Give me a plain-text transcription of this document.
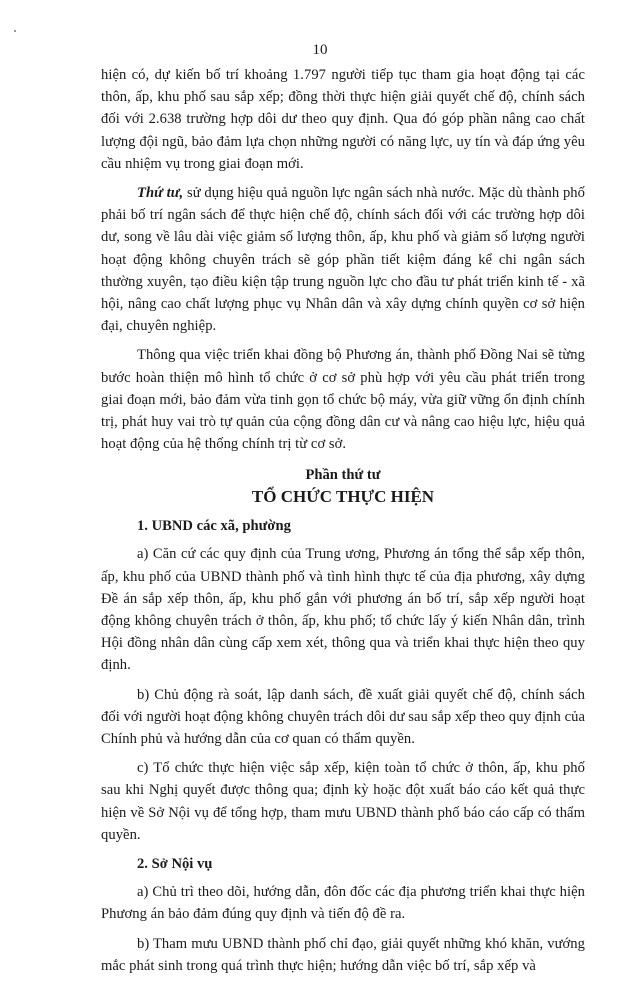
10

hiện có, dự kiến bố trí khoảng 1.797 người tiếp tục tham gia hoạt động tại các thôn, ấp, khu phố sau sắp xếp; đồng thời thực hiện giải quyết chế độ, chính sách đối với 2.638 trường hợp dôi dư theo quy định. Qua đó góp phần nâng cao chất lượng đội ngũ, bảo đảm lựa chọn những người có năng lực, uy tín và đáp ứng yêu cầu nhiệm vụ trong giai đoạn mới.

Thứ tư, sử dụng hiệu quả nguồn lực ngân sách nhà nước. Mặc dù thành phố phải bố trí ngân sách để thực hiện chế độ, chính sách đối với các trường hợp dôi dư, song về lâu dài việc giảm số lượng thôn, ấp, khu phố và giảm số lượng người hoạt động không chuyên trách sẽ góp phần tiết kiệm đáng kể chi ngân sách thường xuyên, tạo điều kiện tập trung nguồn lực cho đầu tư phát triển kinh tế - xã hội, nâng cao chất lượng phục vụ Nhân dân và xây dựng chính quyền cơ sở hiện đại, chuyên nghiệp.

Thông qua việc triển khai đồng bộ Phương án, thành phố Đồng Nai sẽ từng bước hoàn thiện mô hình tổ chức ở cơ sở phù hợp với yêu cầu phát triển trong giai đoạn mới, bảo đảm vừa tinh gọn tổ chức bộ máy, vừa giữ vững ổn định chính trị, phát huy vai trò tự quản của cộng đồng dân cư và nâng cao hiệu lực, hiệu quả hoạt động của hệ thống chính trị từ cơ sở.

Phần thứ tư
TỔ CHỨC THỰC HIỆN
1. UBND các xã, phường

a) Căn cứ các quy định của Trung ương, Phương án tổng thể sắp xếp thôn, ấp, khu phố của UBND thành phố và tình hình thực tế của địa phương, xây dựng Đề án sắp xếp thôn, ấp, khu phố gắn với phương án bố trí, sắp xếp người hoạt động không chuyên trách ở thôn, ấp, khu phố; tổ chức lấy ý kiến Nhân dân, trình Hội đồng nhân dân cùng cấp xem xét, thông qua và triển khai thực hiện theo quy định.

b) Chủ động rà soát, lập danh sách, đề xuất giải quyết chế độ, chính sách đối với người hoạt động không chuyên trách dôi dư sau sắp xếp theo quy định của Chính phủ và hướng dẫn của cơ quan có thẩm quyền.

c) Tổ chức thực hiện việc sắp xếp, kiện toàn tổ chức ở thôn, ấp, khu phố sau khi Nghị quyết được thông qua; định kỳ hoặc đột xuất báo cáo kết quả thực hiện về Sở Nội vụ để tổng hợp, tham mưu UBND thành phố báo cáo cấp có thẩm quyền.

2. Sở Nội vụ

a) Chủ trì theo dõi, hướng dẫn, đôn đốc các địa phương triển khai thực hiện Phương án bảo đảm đúng quy định và tiến độ đề ra.

b) Tham mưu UBND thành phố chỉ đạo, giải quyết những khó khăn, vướng mắc phát sinh trong quá trình thực hiện; hướng dẫn việc bố trí, sắp xếp và
